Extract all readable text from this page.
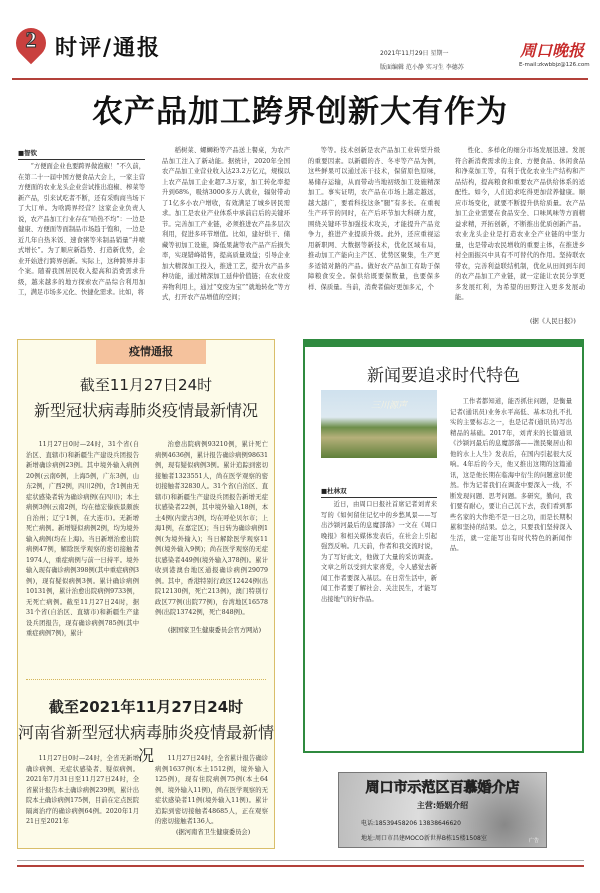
2 时评/通报	2021年11月29日 星期一
版面编辑 范小静 实习生 李德苏
周口晚报
E-mail:zkwbbjz@126.com
农产品加工跨界创新大有作为
■智钦
“方便面企业也要跨界做泡椒！”不久前，在第二十一届中国方便食品大会上，一家主营方便面的农业龙头企业尝试推出泡椒、榨菜等新产品，引来试吃者不断，还有采购商当场下了大订单。为啥跨界经营？这家企业负责人说，农产品加工行业存在“哈热不均”：一边是健康、方便面等面制品市场趋于饱和，一边是近几年自热米饭、速食粥等米制品销量“井喷式增长”。为了顺应新趋势、打造新优势，企业开始进行跨界创新。实际上，这种跨界并非个案。随着我国居民收入提高和消费需求升级，越来越多的地方探索农产品综合利用加工，满足市场多元化、快捷化需求。比如，将
稻树菜、螺蛳粉等产品送上餐桌，为农产品加工注入了新动能。据统计，2020年全国农产品加工业营业收入达23.2万亿元，规模以上农产品加工企业超7.3万家，加工转化率提升到68%，吸纳3000多万人就业，辐射带动了1亿多小农户增收，有效满足了城乡居民需求。加工是农业产业体系中承前启后的关键环节。完善加工产业链，必须推进农产品多层次利用，促进多环节增值。比如，建好烘干、储藏等初加工设施，降低果蔬等农产品产后损失率，实现错峰销售，提高质量效益；引导企业加大精深加工投入，推进工艺，提升农产品多种功能，通过精深加工延伸价值链；在农业废弃物利用上，通过“变废为宝”“就地转化”等方式，打开农产品增值的空间；
等等。技术创新是农产品加工业转型升级的重要因素。以新疆的杏、冬枣等产品为例，这些鲜果可以通过冻干技术，保留原色原味，易储存运输，从而带动当地初级加工设施精深加工。事实证明，农产品在市场上越走越远，越大越广，要看科技这条“腿”有多长。在重视生产环节的同时，在产后环节加大科研力度，围绕关键环节加强技术攻关，才能提升产品竞争力，推进产业提质升级。此外，还应重视运用新职网、大数据等新技术，优化区域布局，推动加工产能向主产区、优势区聚集，生产更多适销对路的产品。做好农产品加工有助于保障粮食安全。保供给既要保数量，也要保多样、保质量。当前，消费者偏好更加多元，个
性化、多样化的细分市场发展迅速。发展符合新消费需求的主食、方便食品、休闲食品和净菜加工等，有利于优化农业生产结构和产品结构，提高粮食和重要农产品供给体系的适配性。如今，人们追求吃得更加营养健康。顺应市场变化，就要不断提升供给质量。农产品加工企业需要在食品安全、口味风味等方面精益求精，开拓创新，不断推出优质创新产品。农业龙头企业是打造农业全产业链的中坚力量，也是带动农民增收的重要主体，在推进乡村全面振兴中具有不可替代的作用。坚持联农带农，完善利益联结机制，优化从田间到车间的农产品加工产业链，就一定能让农民分享更多发展红利，为希望的田野注入更多发展动能。
(据《人民日报》)
疫情通报
截至11月27日24时
新型冠状病毒肺炎疫情最新情况
11月27日0时—24时，31个省(自治区、直辖市)和新疆生产建设兵团报告新增确诊病例23例。其中境外输入病例20例(云南6例，上海5例，广东3例，山东2例，广西2例，四川2例)，含1例由无症状感染者转为确诊病例(在四川)；本土病例3例(云南2例，均在德宏傣族景颇族自治州；辽宁1例，在大连市)。无新增死亡病例。新增疑似病例2例，均为境外输入病例(均在上海)。当日新增治愈出院病例47例，解除医学观察的密切接触者1974人，重症病例与前一日持平。境外输入现有确诊病例398例(其中重症病例3例)，现有疑似病例3例。累计确诊病例10131例，累计治愈出院病例9733例，无死亡病例。截至11月27日24时，据31个省(自治区、直辖市)和新疆生产建设兵团报告，现有确诊病例785例(其中重症病例7例)，累计
治愈出院病例93210例，累计死亡病例4636例，累计报告确诊病例98631例，现有疑似病例3例。累计追踪到密切接触者1323551人，尚在医学观察的密切接触者32830人。31个省(自治区、直辖市)和新疆生产建设兵团报告新增无症状感染者22例，其中境外输入18例，本土4例(内蒙古3例，均在呼伦贝尔市；上海1例，在嘉定区)；当日转为确诊病例1例(为境外输入)；当日解除医学观察11例(境外输入9例)；尚在医学观察的无症状感染者449例(境外输入378例)。累计收到港澳台地区通报确诊病例29079例。其中，香港特别行政区12424例(出院12130例，死亡213例)，澳门特别行政区77例(出院77例)，台湾地区16578例(出院13742例，死亡848例)。
(据国家卫生健康委员会官方网站)
截至2021年11月27日24时
河南省新型冠状病毒肺炎疫情最新情况
11月27日0时—24时，全省无新增确诊病例、无症状感染者、疑似病例。2021年7月31日至11月27日24时，全省累计报告本土确诊病例239例，累计出院本土确诊病例175例，目前在定点医院隔离治疗的确诊病例64例。2020年1月21日至2021年
11月27日24时，全省累计报告确诊病例1637例(本土1512例，境外输入125例)，现有住院病例75例(本土64例、境外输入11例)，尚在医学观察的无症状感染者11例(境外输入11例)。累计追踪到密切接触者48685人，正在观察的密切接触者136人。
(据河南省卫生健康委员会)
新闻要追求时代特色
三川源声
■杜林双
近日，由周口日报社首席记者刘青来写的《如何留住记忆中的乡愁风景——写出沙颍河最后的息魔部落》一文在《周口晚报》和相关媒体发表后，在社会上引起强烈反响。几天前，作者和我交流时说，为了写好此文，他做了大量的采访调查。文章之所以受到大家喜爱，令人感觉去新闻工作者要深入基层。在日常生活中，新闻工作者要了解社会、关注民生，才能写出接地气的好作品。
工作者都知道，能否抓住问题，是衡量记者(通讯员)业务水平高低、基本功扎不扎实的主要标志之一，也是记者(通讯员)写出精品的基础。2017年，刘青来的长篇通讯《沙颍河最后的息魔部落——渔民聚居山和他的水上人生》发表后，在国内引起很大反响。4年后的今天，他又推出这期的这篇通讯，这是他长期在临海中衍生的问题意识使然。作为记者我们在调查中要深入一线，不断发现问题、思考问题。多研究，勤问，我们要有耐心，要让自己沉下去，我们看到那些名家的大作绝不是一日之功，而是长期积累和坚持的结果。总之，只要我们坚持深入生活，就一定能写出有时代特色的新闻作品。
周口市示范区百慕婚介店
主营:婚姻介绍
电话:18539458206 13838646620
地址:周口市昌建MOCO新世界B栋15楼1508室	广告
